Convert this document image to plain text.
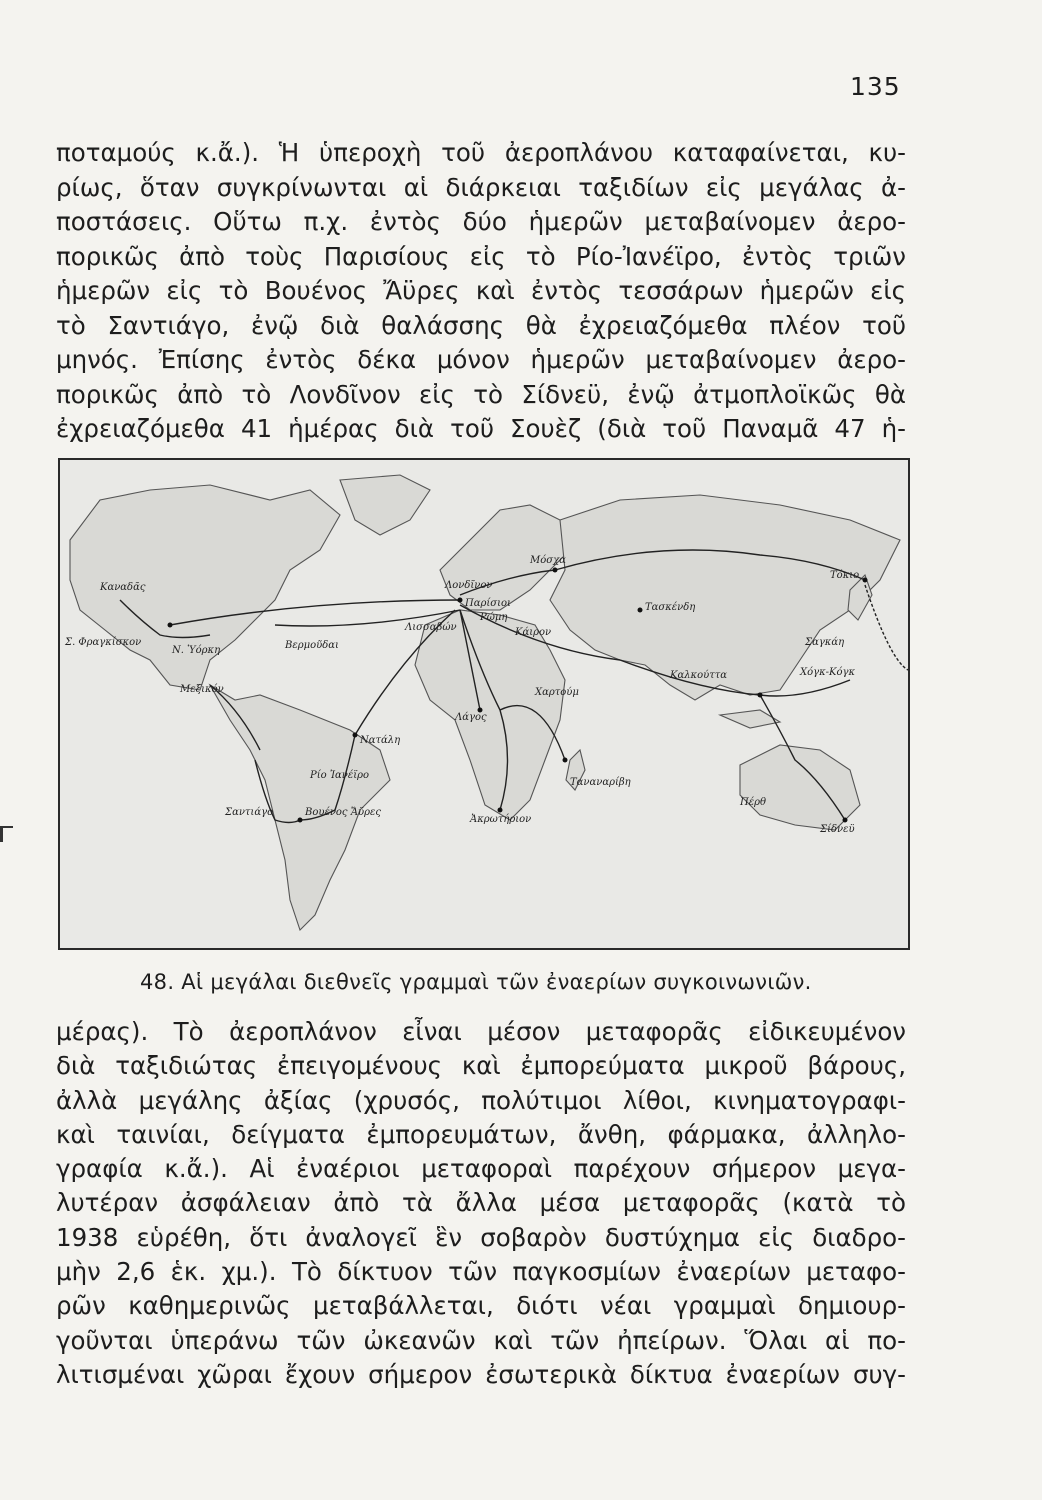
135
ποταμούς κ.ἄ.). Ἡ ὑπεροχὴ τοῦ ἀεροπλάνου καταφαίνεται, κυ-
ρίως, ὅταν συγκρίνωνται αἱ διάρκειαι ταξιδίων εἰς μεγάλας ἀ-
ποστάσεις. Οὕτω π.χ. ἐντὸς δύο ἡμερῶν μεταβαίνομεν ἀερο-
πορικῶς ἀπὸ τοὺς Παρισίους εἰς τὸ Ρίο-Ἰανέϊρο, ἐντὸς τριῶν
ἡμερῶν εἰς τὸ Βουένος Ἄϋρες καὶ ἐντὸς τεσσάρων ἡμερῶν εἰς
τὸ Σαντιάγο, ἐνῷ διὰ θαλάσσης θὰ ἐχρειαζόμεθα πλέον τοῦ
μηνός. Ἐπίσης ἐντὸς δέκα μόνον ἡμερῶν μεταβαίνομεν ἀερο-
πορικῶς ἀπὸ τὸ Λονδῖνον εἰς τὸ Σίδνεϋ, ἐνῷ ἀτμοπλοϊκῶς θὰ
ἐχρειαζόμεθα 41 ἡμέρας διὰ τοῦ Σουὲζ (διὰ τοῦ Παναμᾶ 47 ἡ-
Καναδᾶς	Λονδῖνον
Παρίσιοι
Μόσχα
Τασκένδη
Σ. Φραγκίσκον
Ν. Ὑόρκη
Λισσαβών
Βερμοῦδαι
Μεξικόν
Νατάλη
Ρίο Ἰανέϊρο
Σαντιάγο	Βουένος Ἄϋρες
Λάγος
Χαρτούμ
Καλκούττα	Χόγκ-Κόγκ
Σαγκάη
Τόκιο
Ταναναρίβη
Ἀκρωτήριον
Πέρθ
Σίδνεϋ
Κάιρον
Ρώμη
48. Αἱ μεγάλαι διεθνεῖς γραμμαὶ τῶν ἐναερίων συγκοινωνιῶν.
μέρας). Τὸ ἀεροπλάνον εἶναι μέσον μεταφορᾶς εἰδικευμένον
διὰ ταξιδιώτας ἐπειγομένους καὶ ἐμπορεύματα μικροῦ βάρους,
ἀλλὰ μεγάλης ἀξίας (χρυσός, πολύτιμοι λίθοι, κινηματογραφι-
καὶ ταινίαι, δείγματα ἐμπορευμάτων, ἄνθη, φάρμακα, ἀλληλο-
γραφία κ.ἄ.). Αἱ ἐναέριοι μεταφοραὶ παρέχουν σήμερον μεγα-
λυτέραν ἀσφάλειαν ἀπὸ τὰ ἄλλα μέσα μεταφορᾶς (κατὰ τὸ
1938 εὑρέθη, ὅτι ἀναλογεῖ ἓν σοβαρὸν δυστύχημα εἰς διαδρο-
μὴν 2,6 ἑκ. χμ.). Τὸ δίκτυον τῶν παγκοσμίων ἐναερίων μεταφο-
ρῶν καθημερινῶς μεταβάλλεται, διότι νέαι γραμμαὶ δημιουρ-
γοῦνται ὑπεράνω τῶν ὠκεανῶν καὶ τῶν ἠπείρων. Ὅλαι αἱ πο-
λιτισμέναι χῶραι ἔχουν σήμερον ἐσωτερικὰ δίκτυα ἐναερίων συγ-
